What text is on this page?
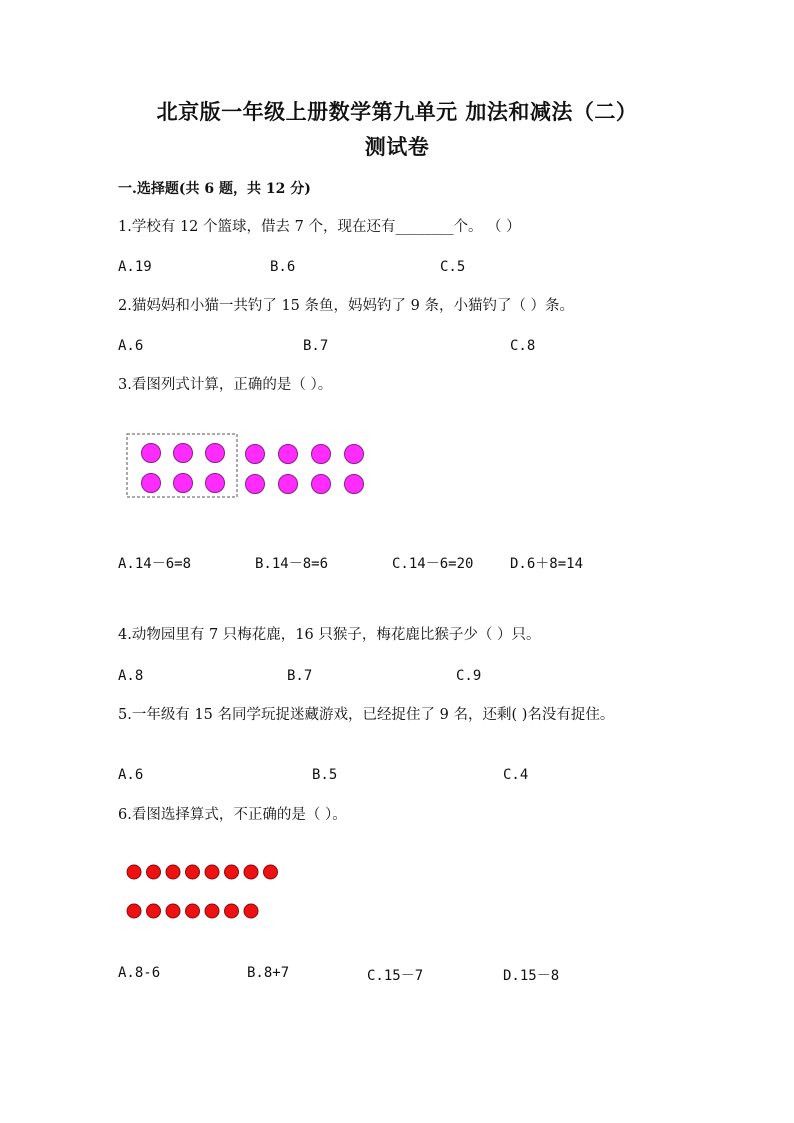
北京版一年级上册数学第九单元 加法和减法（二）
测试卷
一.选择题(共 6 题，共 12 分)
1.学校有 12 个篮球，借去 7 个，现在还有________个。 （ ）
A.19	B.6	C.5
2.猫妈妈和小猫一共钓了 15 条鱼，妈妈钓了 9 条，小猫钓了（ ）条。
A.6	B.7	C.8
3.看图列式计算，正确的是（ ）。
A.14－6=8	B.14－8=6	C.14－6=20	D.6＋8=14
4.动物园里有 7 只梅花鹿，16 只猴子，梅花鹿比猴子少（ ）只。
A.8	B.7	C.9
5.一年级有 15 名同学玩捉迷藏游戏，已经捉住了 9 名，还剩( )名没有捉住。
A.6	B.5	C.4
6.看图选择算式，不正确的是（ ）。
A.8-6	B.8+7	C.15－7	D.15－8
